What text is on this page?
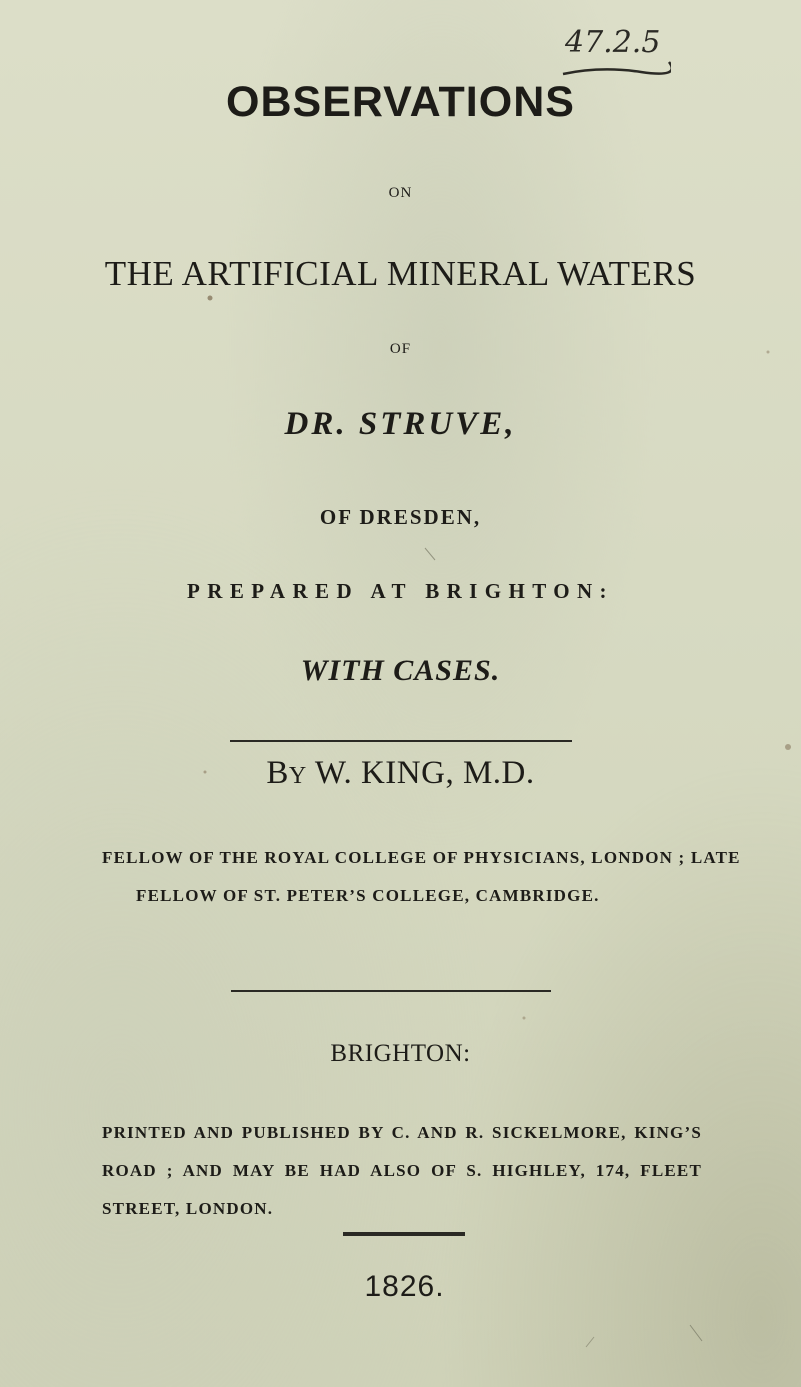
47.2.5
OBSERVATIONS
ON
THE ARTIFICIAL MINERAL WATERS
OF
DR. STRUVE,
OF DRESDEN,
PREPARED AT BRIGHTON:
WITH CASES.
BY W. KING, M.D.
FELLOW OF THE ROYAL COLLEGE OF PHYSICIANS, LONDON ; LATE
FELLOW OF ST. PETER’S COLLEGE, CAMBRIDGE.
BRIGHTON:
PRINTED AND PUBLISHED BY C. AND R. SICKELMORE, KING’S
ROAD ; AND MAY BE HAD ALSO OF S. HIGHLEY, 174, FLEET
STREET, LONDON.
1826.
